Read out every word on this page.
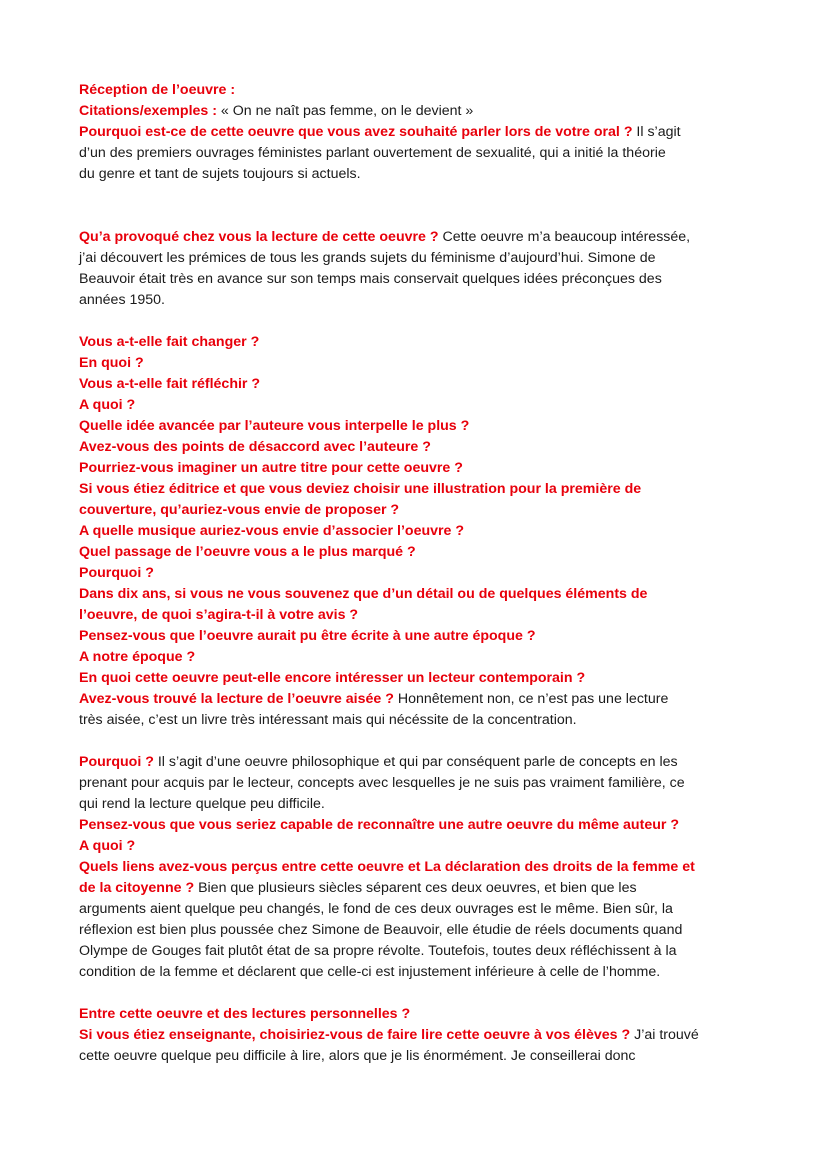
Réception de l’oeuvre :
Citations/exemples : « On ne naît pas femme, on le devient »
Pourquoi est-ce de cette oeuvre que vous avez souhaité parler lors de votre oral ? Il s’agit
d’un des premiers ouvrages féministes parlant ouvertement de sexualité, qui a initié la théorie
du genre et tant de sujets toujours si actuels.
Qu’a provoqué chez vous la lecture de cette oeuvre ? Cette oeuvre m’a beaucoup intéressée,
j’ai découvert les prémices de tous les grands sujets du féminisme d’aujourd’hui. Simone de
Beauvoir était très en avance sur son temps mais conservait quelques idées préconçues des
années 1950.
Vous a-t-elle fait changer ?
En quoi ?
Vous a-t-elle fait réfléchir ?
A quoi ?
Quelle idée avancée par l’auteure vous interpelle le plus ?
Avez-vous des points de désaccord avec l’auteure ?
Pourriez-vous imaginer un autre titre pour cette oeuvre ?
Si vous étiez éditrice et que vous deviez choisir une illustration pour la première de
couverture, qu’auriez-vous envie de proposer ?
A quelle musique auriez-vous envie d’associer l’oeuvre ?
Quel passage de l’oeuvre vous a le plus marqué ?
Pourquoi ?
Dans dix ans, si vous ne vous souvenez que d’un détail ou de quelques éléments de
l’oeuvre, de quoi s’agira-t-il à votre avis ?
Pensez-vous que l’oeuvre aurait pu être écrite à une autre époque ?
A notre époque ?
En quoi cette oeuvre peut-elle encore intéresser un lecteur contemporain ?
Avez-vous trouvé la lecture de l’oeuvre aisée ? Honnêtement non, ce n’est pas une lecture
très aisée, c’est un livre très intéressant mais qui nécéssite de la concentration.
Pourquoi ? Il s’agit d’une oeuvre philosophique et qui par conséquent parle de concepts en les
prenant pour acquis par le lecteur, concepts avec lesquelles je ne suis pas vraiment familière, ce
qui rend la lecture quelque peu difficile.
Pensez-vous que vous seriez capable de reconnaître une autre oeuvre du même auteur ?
A quoi ?
Quels liens avez-vous perçus entre cette oeuvre et La déclaration des droits de la femme et
de la citoyenne ? Bien que plusieurs siècles séparent ces deux oeuvres, et bien que les
arguments aient quelque peu changés, le fond de ces deux ouvrages est le même. Bien sûr, la
réflexion est bien plus poussée chez Simone de Beauvoir, elle étudie de réels documents quand
Olympe de Gouges fait plutôt état de sa propre révolte. Toutefois, toutes deux réfléchissent à la
condition de la femme et déclarent que celle-ci est injustement inférieure à celle de l’homme.
Entre cette oeuvre et des lectures personnelles ?
Si vous étiez enseignante, choisiriez-vous de faire lire cette oeuvre à vos élèves ? J’ai trouvé
cette oeuvre quelque peu difficile à lire, alors que je lis énormément. Je conseillerai donc
